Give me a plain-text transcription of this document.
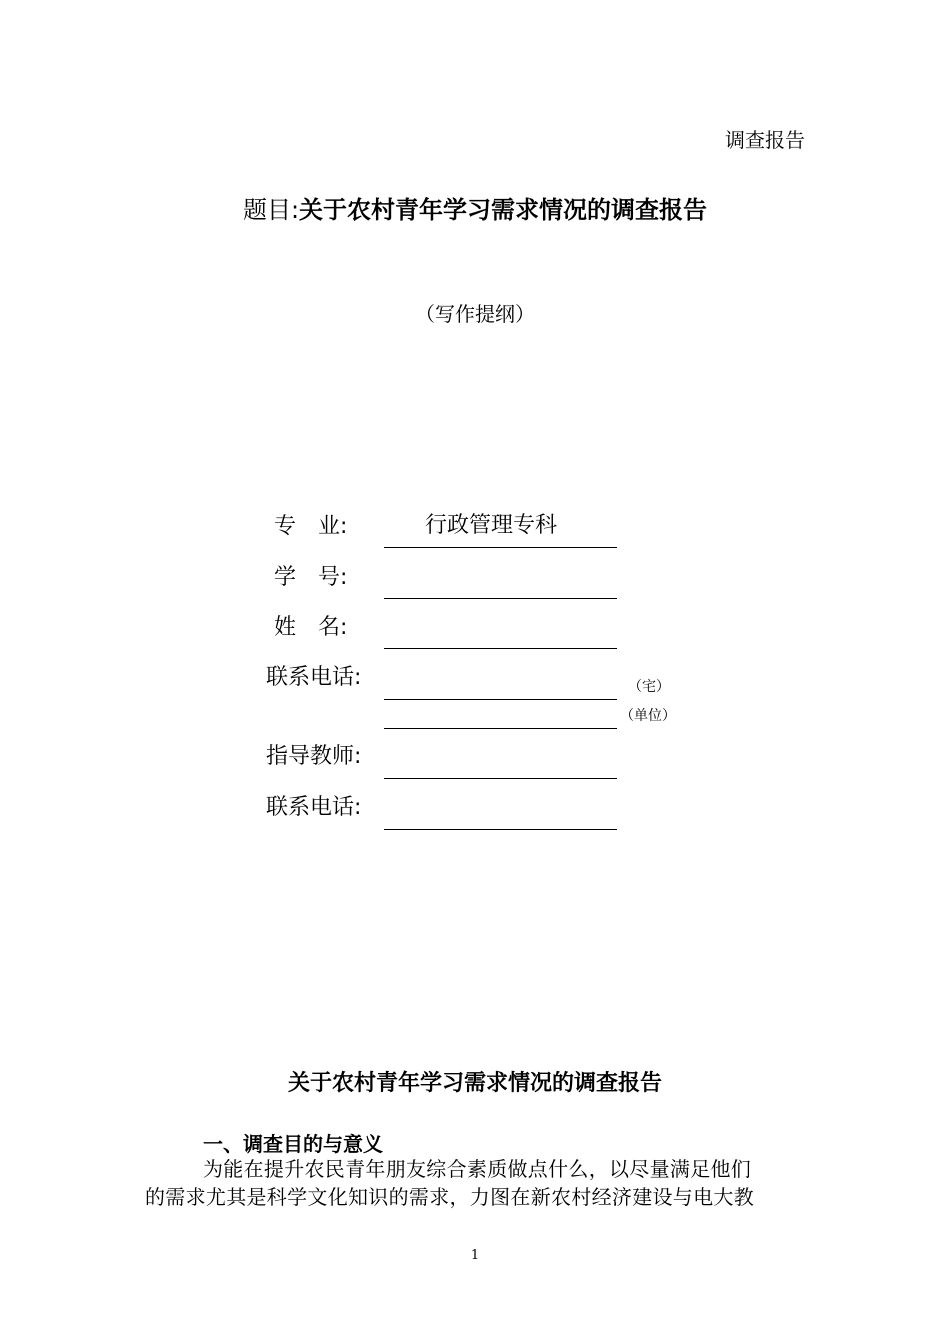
调查报告
题目:关于农村青年学习需求情况的调查报告
（写作提纲）
专　业:	行政管理专科
学　号:
姓　名:
联系电话:	（宅）
（单位）
指导教师:
联系电话:
关于农村青年学习需求情况的调查报告
一、调查目的与意义
为能在提升农民青年朋友综合素质做点什么，以尽量满足他们
的需求尤其是科学文化知识的需求，力图在新农村经济建设与电大教
1
